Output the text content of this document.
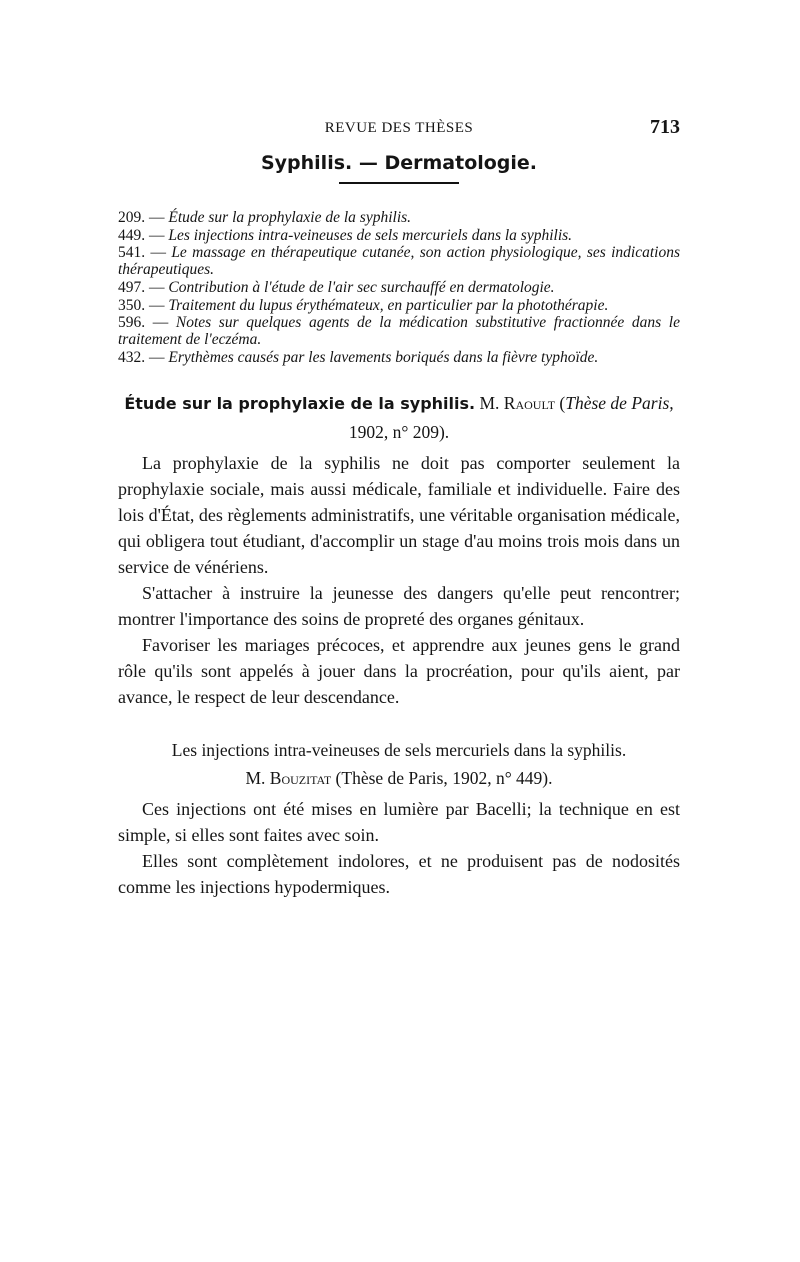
REVUE DES THÈSES	713
Syphilis. — Dermatologie.
209. — Étude sur la prophylaxie de la syphilis.
449. — Les injections intra-veineuses de sels mercuriels dans la syphilis.
541. — Le massage en thérapeutique cutanée, son action physiologique, ses indications thérapeutiques.
497. — Contribution à l'étude de l'air sec surchauffé en dermatologie.
350. — Traitement du lupus érythémateux, en particulier par la photothérapie.
596. — Notes sur quelques agents de la médication substitutive fractionnée dans le traitement de l'eczéma.
432. — Erythèmes causés par les lavements boriqués dans la fièvre typhoïde.
Étude sur la prophylaxie de la syphilis. M. Raoult (Thèse de Paris, 1902, n° 209).

La prophylaxie de la syphilis ne doit pas comporter seulement la prophylaxie sociale, mais aussi médicale, familiale et individuelle. Faire des lois d'État, des règlements administratifs, une véritable organisation médicale, qui obligera tout étudiant, d'accomplir un stage d'au moins trois mois dans un service de vénériens.

S'attacher à instruire la jeunesse des dangers qu'elle peut rencontrer; montrer l'importance des soins de propreté des organes génitaux.

Favoriser les mariages précoces, et apprendre aux jeunes gens le grand rôle qu'ils sont appelés à jouer dans la procréation, pour qu'ils aient, par avance, le respect de leur descendance.

Les injections intra-veineuses de sels mercuriels dans la syphilis.
M. Bouzitat (Thèse de Paris, 1902, n° 449).

Ces injections ont été mises en lumière par Bacelli; la technique en est simple, si elles sont faites avec soin.

Elles sont complètement indolores, et ne produisent pas de nodosités comme les injections hypodermiques.
